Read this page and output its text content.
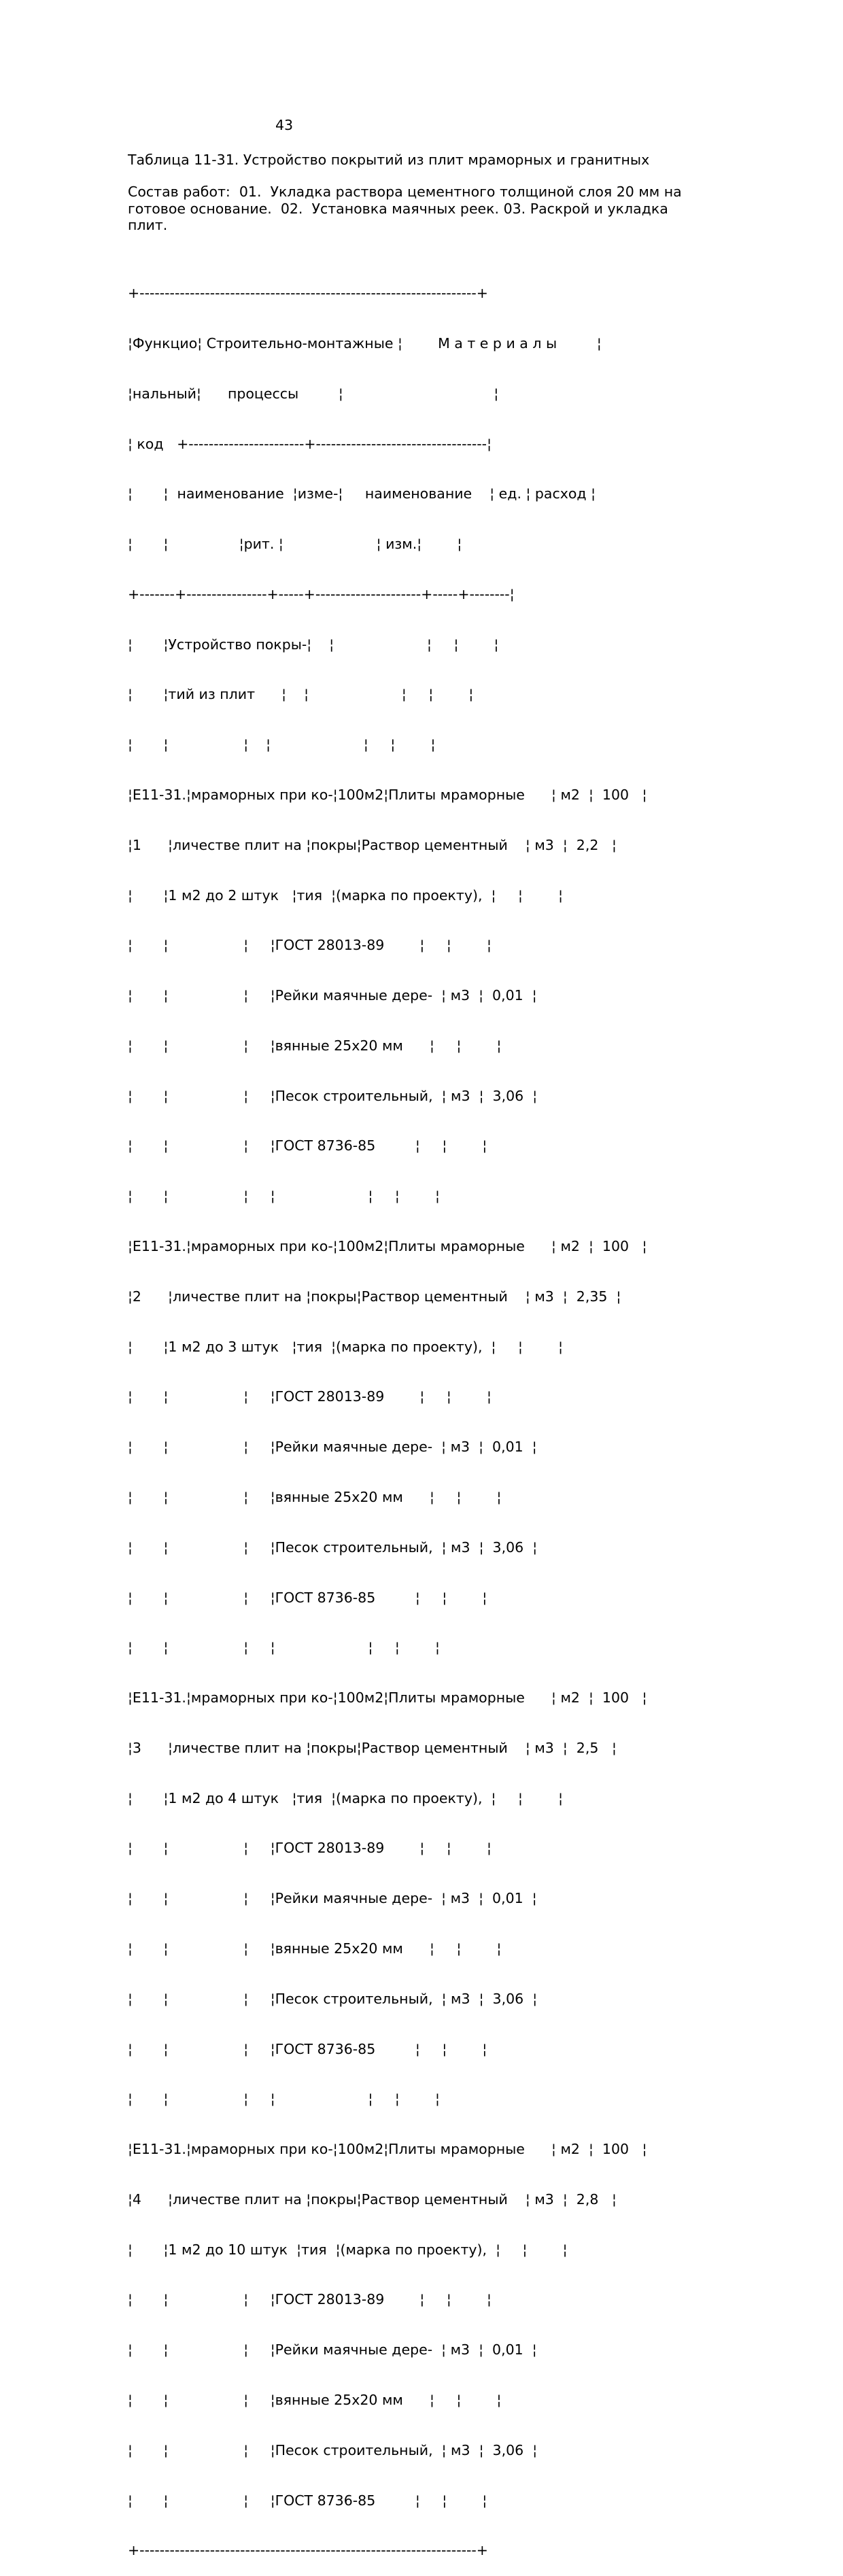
43
Таблица 11-31. Устройство покрытий из плит мраморных и гранитных
Состав работ:  01.  Укладка раствора цементного толщиной слоя 20 мм на
готовое основание.  02.  Установка маячных реек. 03. Раскрой и укладка
плит.

+-------------------------------------------------------------------+

¦Функцио¦ Строительно-монтажные ¦        М а т е р и а л ы         ¦

¦нальный¦      процессы         ¦                                  ¦

¦ код   +-----------------------+----------------------------------¦

¦       ¦  наименование  ¦изме-¦     наименование    ¦ ед. ¦ расход ¦

¦       ¦                ¦рит. ¦                     ¦ изм.¦        ¦

+-------+----------------+-----+---------------------+-----+--------¦

¦       ¦Устройство покры-¦    ¦                     ¦     ¦        ¦

¦       ¦тий из плит      ¦    ¦                     ¦     ¦        ¦

¦       ¦                 ¦    ¦                     ¦     ¦        ¦

¦Е11-31.¦мраморных при ко-¦100м2¦Плиты мраморные      ¦ м2  ¦  100   ¦

¦1      ¦личестве плит на ¦покры¦Раствор цементный    ¦ м3  ¦  2,2   ¦

¦       ¦1 м2 до 2 штук   ¦тия  ¦(марка по проекту),  ¦     ¦        ¦

¦       ¦                 ¦     ¦ГОСТ 28013-89        ¦     ¦        ¦

¦       ¦                 ¦     ¦Рейки маячные дере-  ¦ м3  ¦  0,01  ¦

¦       ¦                 ¦     ¦вянные 25х20 мм      ¦     ¦        ¦

¦       ¦                 ¦     ¦Песок строительный,  ¦ м3  ¦  3,06  ¦

¦       ¦                 ¦     ¦ГОСТ 8736-85         ¦     ¦        ¦

¦       ¦                 ¦     ¦                     ¦     ¦        ¦

¦Е11-31.¦мраморных при ко-¦100м2¦Плиты мраморные      ¦ м2  ¦  100   ¦

¦2      ¦личестве плит на ¦покры¦Раствор цементный    ¦ м3  ¦  2,35  ¦

¦       ¦1 м2 до 3 штук   ¦тия  ¦(марка по проекту),  ¦     ¦        ¦

¦       ¦                 ¦     ¦ГОСТ 28013-89        ¦     ¦        ¦

¦       ¦                 ¦     ¦Рейки маячные дере-  ¦ м3  ¦  0,01  ¦

¦       ¦                 ¦     ¦вянные 25х20 мм      ¦     ¦        ¦

¦       ¦                 ¦     ¦Песок строительный,  ¦ м3  ¦  3,06  ¦

¦       ¦                 ¦     ¦ГОСТ 8736-85         ¦     ¦        ¦

¦       ¦                 ¦     ¦                     ¦     ¦        ¦

¦Е11-31.¦мраморных при ко-¦100м2¦Плиты мраморные      ¦ м2  ¦  100   ¦

¦3      ¦личестве плит на ¦покры¦Раствор цементный    ¦ м3  ¦  2,5   ¦

¦       ¦1 м2 до 4 штук   ¦тия  ¦(марка по проекту),  ¦     ¦        ¦

¦       ¦                 ¦     ¦ГОСТ 28013-89        ¦     ¦        ¦

¦       ¦                 ¦     ¦Рейки маячные дере-  ¦ м3  ¦  0,01  ¦

¦       ¦                 ¦     ¦вянные 25х20 мм      ¦     ¦        ¦

¦       ¦                 ¦     ¦Песок строительный,  ¦ м3  ¦  3,06  ¦

¦       ¦                 ¦     ¦ГОСТ 8736-85         ¦     ¦        ¦

¦       ¦                 ¦     ¦                     ¦     ¦        ¦

¦Е11-31.¦мраморных при ко-¦100м2¦Плиты мраморные      ¦ м2  ¦  100   ¦

¦4      ¦личестве плит на ¦покры¦Раствор цементный    ¦ м3  ¦  2,8   ¦

¦       ¦1 м2 до 10 штук  ¦тия  ¦(марка по проекту),  ¦     ¦        ¦

¦       ¦                 ¦     ¦ГОСТ 28013-89        ¦     ¦        ¦

¦       ¦                 ¦     ¦Рейки маячные дере-  ¦ м3  ¦  0,01  ¦

¦       ¦                 ¦     ¦вянные 25х20 мм      ¦     ¦        ¦

¦       ¦                 ¦     ¦Песок строительный,  ¦ м3  ¦  3,06  ¦

¦       ¦                 ¦     ¦ГОСТ 8736-85         ¦     ¦        ¦

+-------------------------------------------------------------------+
